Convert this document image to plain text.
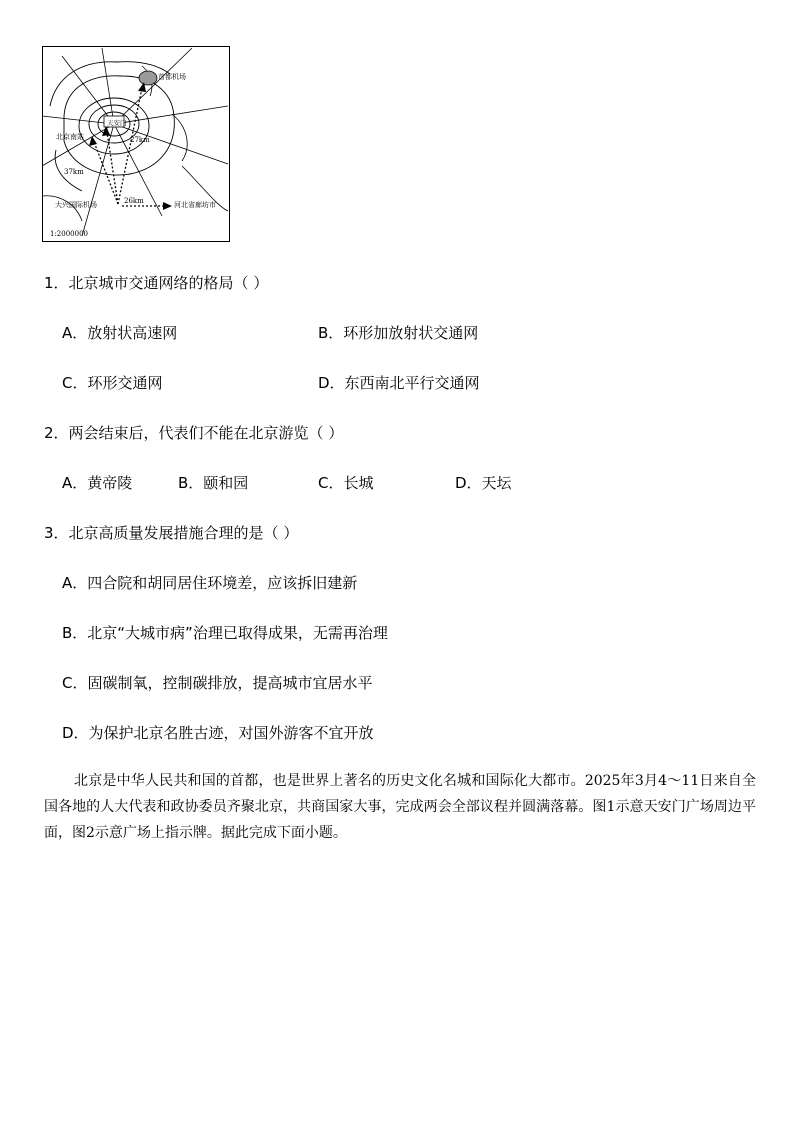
首都机场
天安门
北京南站	27km
37km
26km
大兴国际机场	河北省廊坊市
1:2000000
1．北京城市交通网络的格局（ ）
A．放射状高速网	B．环形加放射状交通网
C．环形交通网	D．东西南北平行交通网
2．两会结束后，代表们不能在北京游览（ ）
A．黄帝陵	B．颐和园	C．长城	D．天坛
3．北京高质量发展措施合理的是（ ）
A．四合院和胡同居住环境差，应该拆旧建新
B．北京“大城市病”治理已取得成果，无需再治理
C．固碳制氧，控制碳排放，提高城市宜居水平
D．为保护北京名胜古迹，对国外游客不宜开放

北京是中华人民共和国的首都，也是世界上著名的历史文化名城和国际化大都市。2025年3月4～11日来自全国各地的人大代表和政协委员齐聚北京，共商国家大事，完成两会全部议程并圆满落幕。图1示意天安门广场周边平面，图2示意广场上指示牌。据此完成下面小题。
